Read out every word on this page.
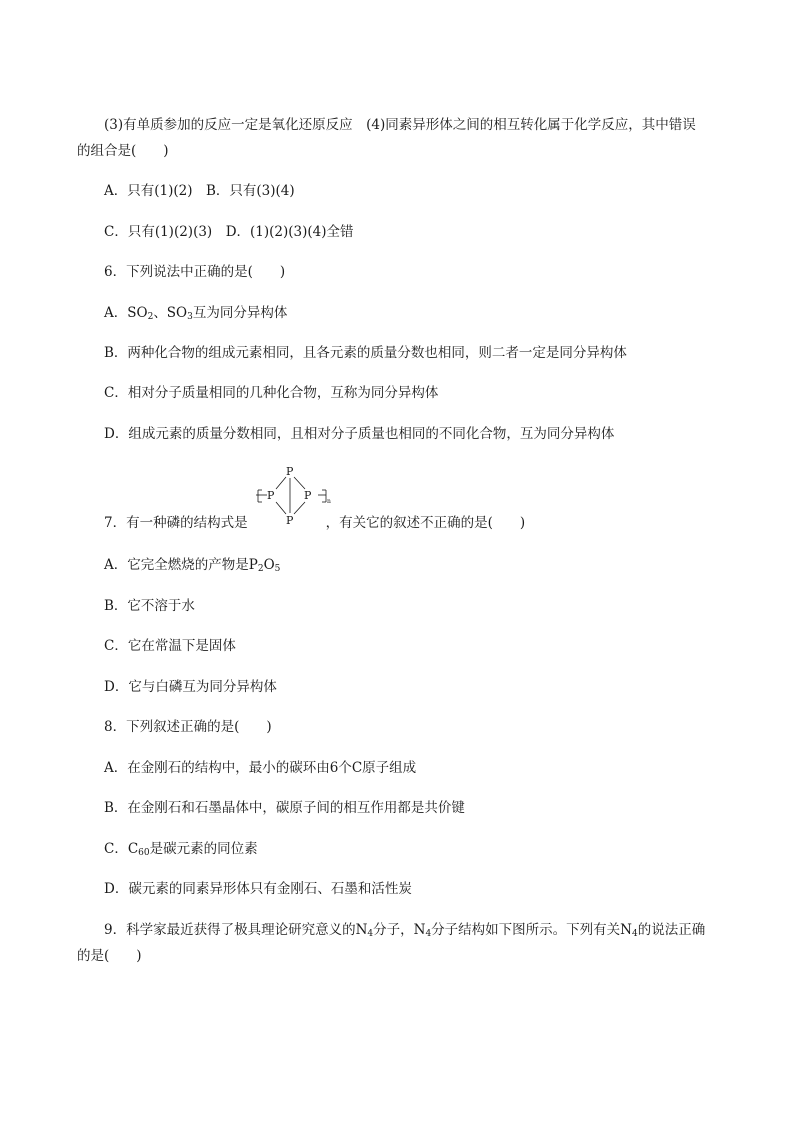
(3)有单质参加的反应一定是氧化还原反应　(4)同素异形体之间的相互转化属于化学反应，其中错误
的组合是(　　)
A．只有(1)(2)　B．只有(3)(4)
C．只有(1)(2)(3)　D．(1)(2)(3)(4)全错
6．下列说法中正确的是(　　)
A．$SO_2$、$SO_3$互为同分异构体
B．两种化合物的组成元素相同，且各元素的质量分数也相同，则二者一定是同分异构体
C．相对分子质量相同的几种化合物，互称为同分异构体
D．组成元素的质量分数相同，且相对分子质量也相同的不同化合物，互为同分异构体
P
P
P	P	n
7．有一种磷的结构式是	，有关它的叙述不正确的是(　　)
A．它完全燃烧的产物是$P_2O_5$
B．它不溶于水
C．它在常温下是固体
D．它与白磷互为同分异构体
8．下列叙述正确的是(　　)
A．在金刚石的结构中，最小的碳环由6个C原子组成
B．在金刚石和石墨晶体中，碳原子间的相互作用都是共价键
C．$C_{60}$是碳元素的同位素
D．碳元素的同素异形体只有金刚石、石墨和活性炭
9．科学家最近获得了极具理论研究意义的$N_4$分子，$N_4$分子结构如下图所示。下列有关$N_4$的说法正确
的是(　　)
